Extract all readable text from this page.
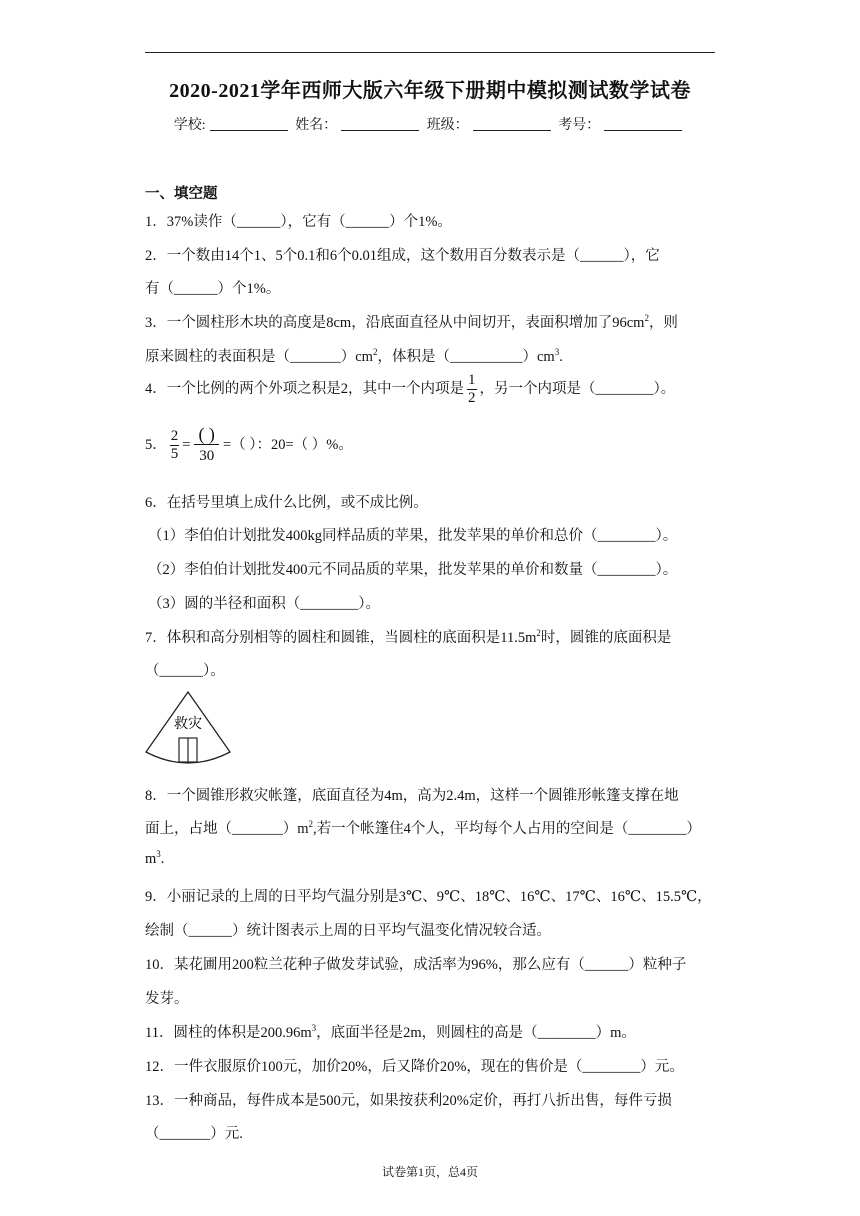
2020-2021学年西师大版六年级下册期中模拟测试数学试卷
学校:	姓名：	班级：	考号：
一、填空题
1．37%读作（______），它有（______）个1%。
2．一个数由14个1、5个0.1和6个0.01组成，这个数用百分数表示是（______），它
有（______）个1%。
3．一个圆柱形木块的高度是8cm，沿底面直径从中间切开，表面积增加了$96cm^2$，则
原来圆柱的表面积是$(\_\_\_\_\_\_\_)cm^2$，体积是$(\_\_\_\_\_\_\_\_\_\_)cm^3$.
4．一个比例的两个外项之积是2，其中一个内项是 $\frac{1}{2}$ ，另一个内项是（________）。
5． $\frac{2}{5} = \frac{( )}{30}$ =（ ）：20=（ ）%。
6．在括号里填上成什么比例，或不成比例。
（1）李伯伯计划批发400kg同样品质的苹果，批发苹果的单价和总价（________）。
（2）李伯伯计划批发400元不同品质的苹果，批发苹果的单价和数量（________）。
（3）圆的半径和面积（________）。
7．体积和高分别相等的圆柱和圆锥，当圆柱的底面积是$11.5m^2$时，圆锥的底面积是
（______）。
救灾
8．一个圆锥形救灾帐篷，底面直径为4m，高为2.4m，这样一个圆锥形帐篷支撑在地
面上，占地$(\_\_\_\_\_\_\_)m^2$,若一个帐篷住4个人，平均每个人占用的空间是（________）
$m^3$.
9．小丽记录的上周的日平均气温分别是3℃、9℃、18℃、16℃、17℃、16℃、15.5℃，
绘制（______）统计图表示上周的日平均气温变化情况较合适。
10．某花圃用200粒兰花种子做发芽试验，成活率为96%，那么应有（______）粒种子
发芽。
11．圆柱的体积是$200.96m^3$，底面半径是2m，则圆柱的高是（________）m。
12．一件衣服原价100元，加价20%，后又降价20%，现在的售价是（________）元。
13．一种商品，每件成本是500元，如果按获利20%定价，再打八折出售，每件亏损
（_______）元.
试卷第1页，总4页
